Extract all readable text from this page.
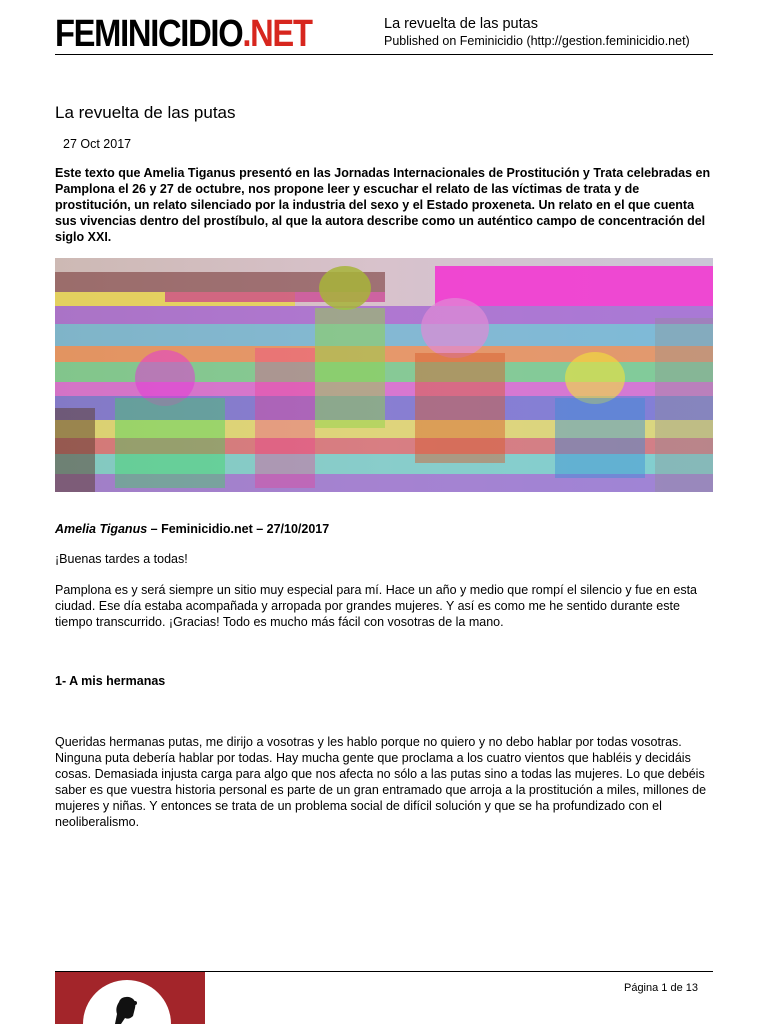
FEMINICIDIO.NET	La revuelta de las putas
Published on Feminicidio (http://gestion.feminicidio.net)
La revuelta de las putas
27 Oct 2017

Este texto que Amelia Tiganus presentó en las Jornadas Internacionales de Prostitución y Trata celebradas en Pamplona el 26 y 27 de octubre, nos propone leer y escuchar el relato de las víctimas de trata y de prostitución, un relato silenciado por la industria del sexo y el Estado proxeneta. Un relato en el que cuenta sus vivencias dentro del prostíbulo, al que la autora describe como un auténtico campo de concentración del siglo XXI.

Amelia Tiganus – Feminicidio.net – 27/10/2017

¡Buenas tardes a todas!

Pamplona es y será siempre un sitio muy especial para mí. Hace un año y medio que rompí el silencio y fue en esta ciudad. Ese día estaba acompañada y arropada por grandes mujeres. Y así es como me he sentido durante este tiempo transcurrido. ¡Gracias! Todo es mucho más fácil con vosotras de la mano.

1- A mis hermanas

Queridas hermanas putas, me dirijo a vosotras y les hablo porque no quiero y no debo hablar por todas vosotras. Ninguna puta debería hablar por todas. Hay mucha gente que proclama a los cuatro vientos que habléis y decidáis cosas. Demasiada injusta carga para algo que nos afecta no sólo a las putas sino a todas las mujeres. Lo que debéis saber es que vuestra historia personal es parte de un gran entramado que arroja a la prostitución a miles, millones de mujeres y niñas. Y entonces se trata de un problema social de difícil solución y que se ha profundizado con el neoliberalismo.

Página 1 de 13
